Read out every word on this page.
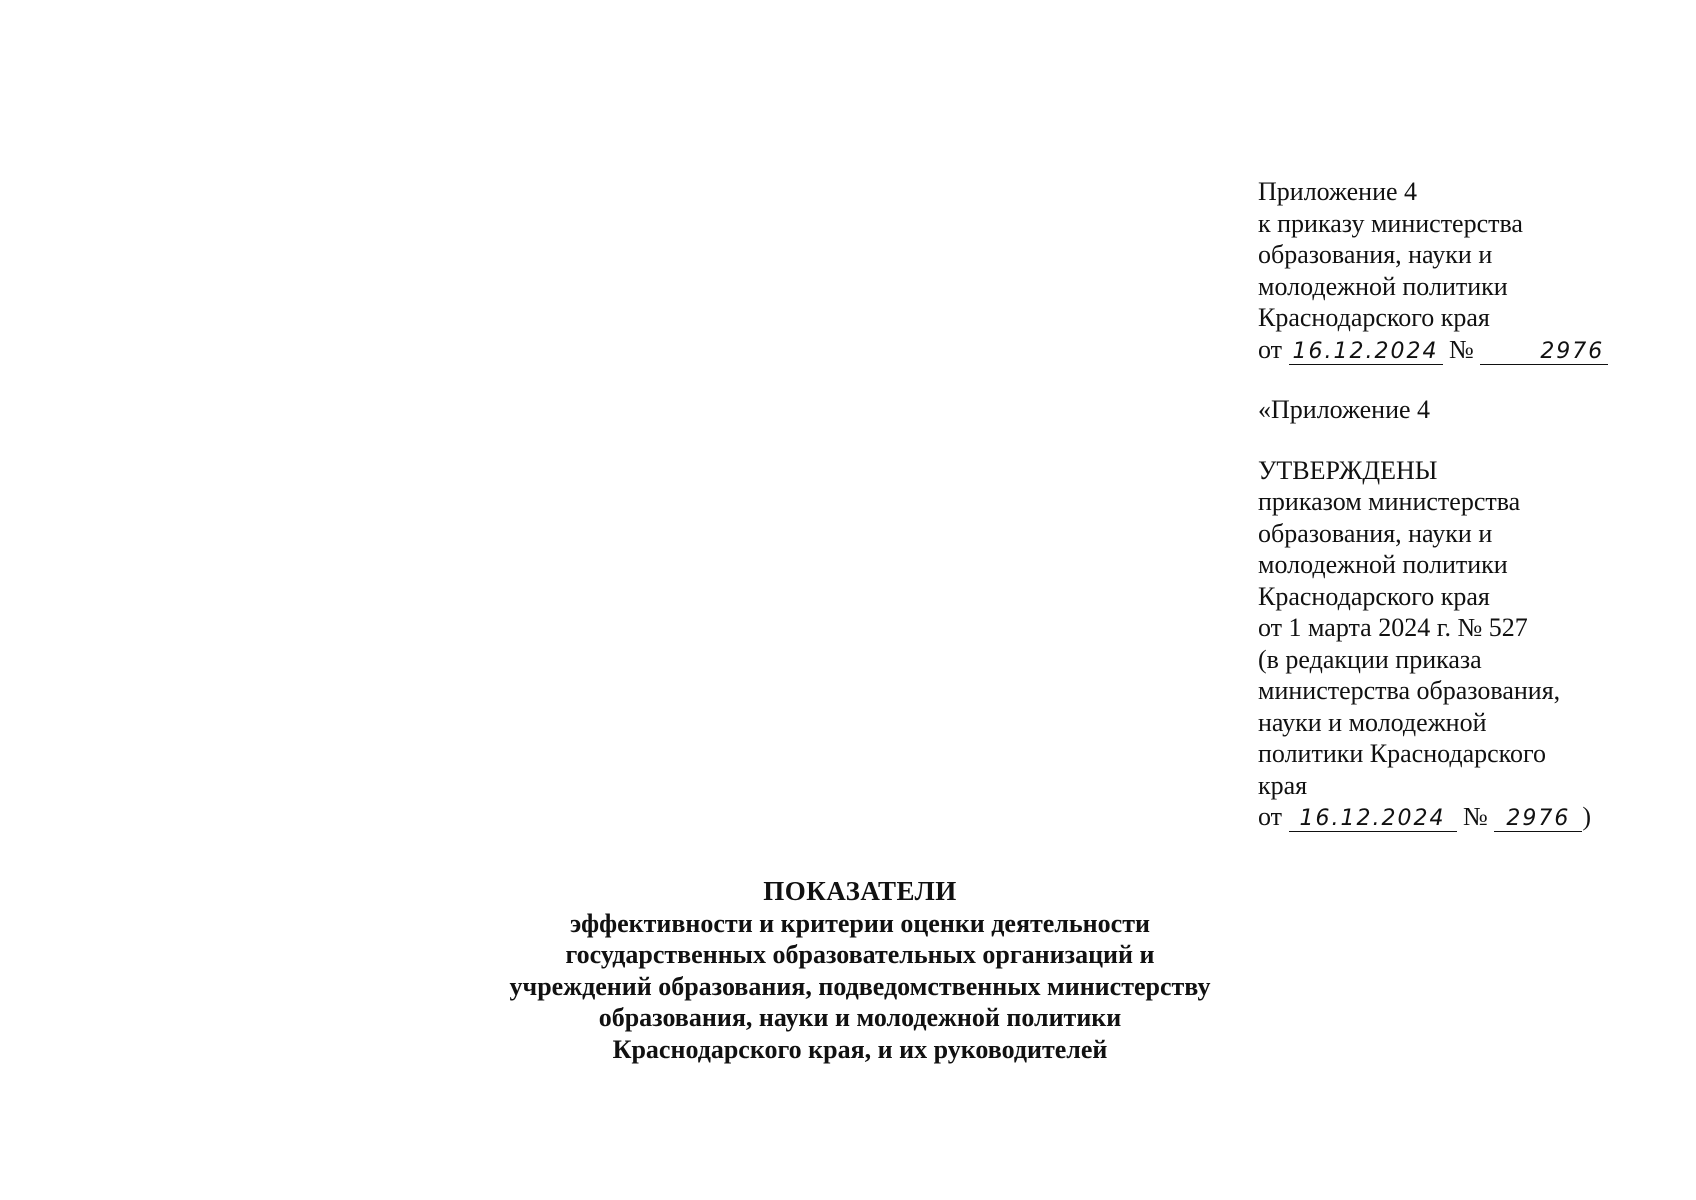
Приложение 4
к приказу министерства
образования, науки и
молодежной политики
Краснодарского края
от 16.12.2024 №	2976
«Приложение 4
УТВЕРЖДЕНЫ
приказом министерства
образования, науки и
молодежной политики
Краснодарского края
от 1 марта 2024 г. № 527
(в редакции приказа
министерства образования,
науки и молодежной
политики Краснодарского
края
от 16.12.2024 № 2976 )
ПОКАЗАТЕЛИ
эффективности и критерии оценки деятельности
государственных образовательных организаций и
учреждений образования, подведомственных министерству
образования, науки и молодежной политики
Краснодарского края, и их руководителей
